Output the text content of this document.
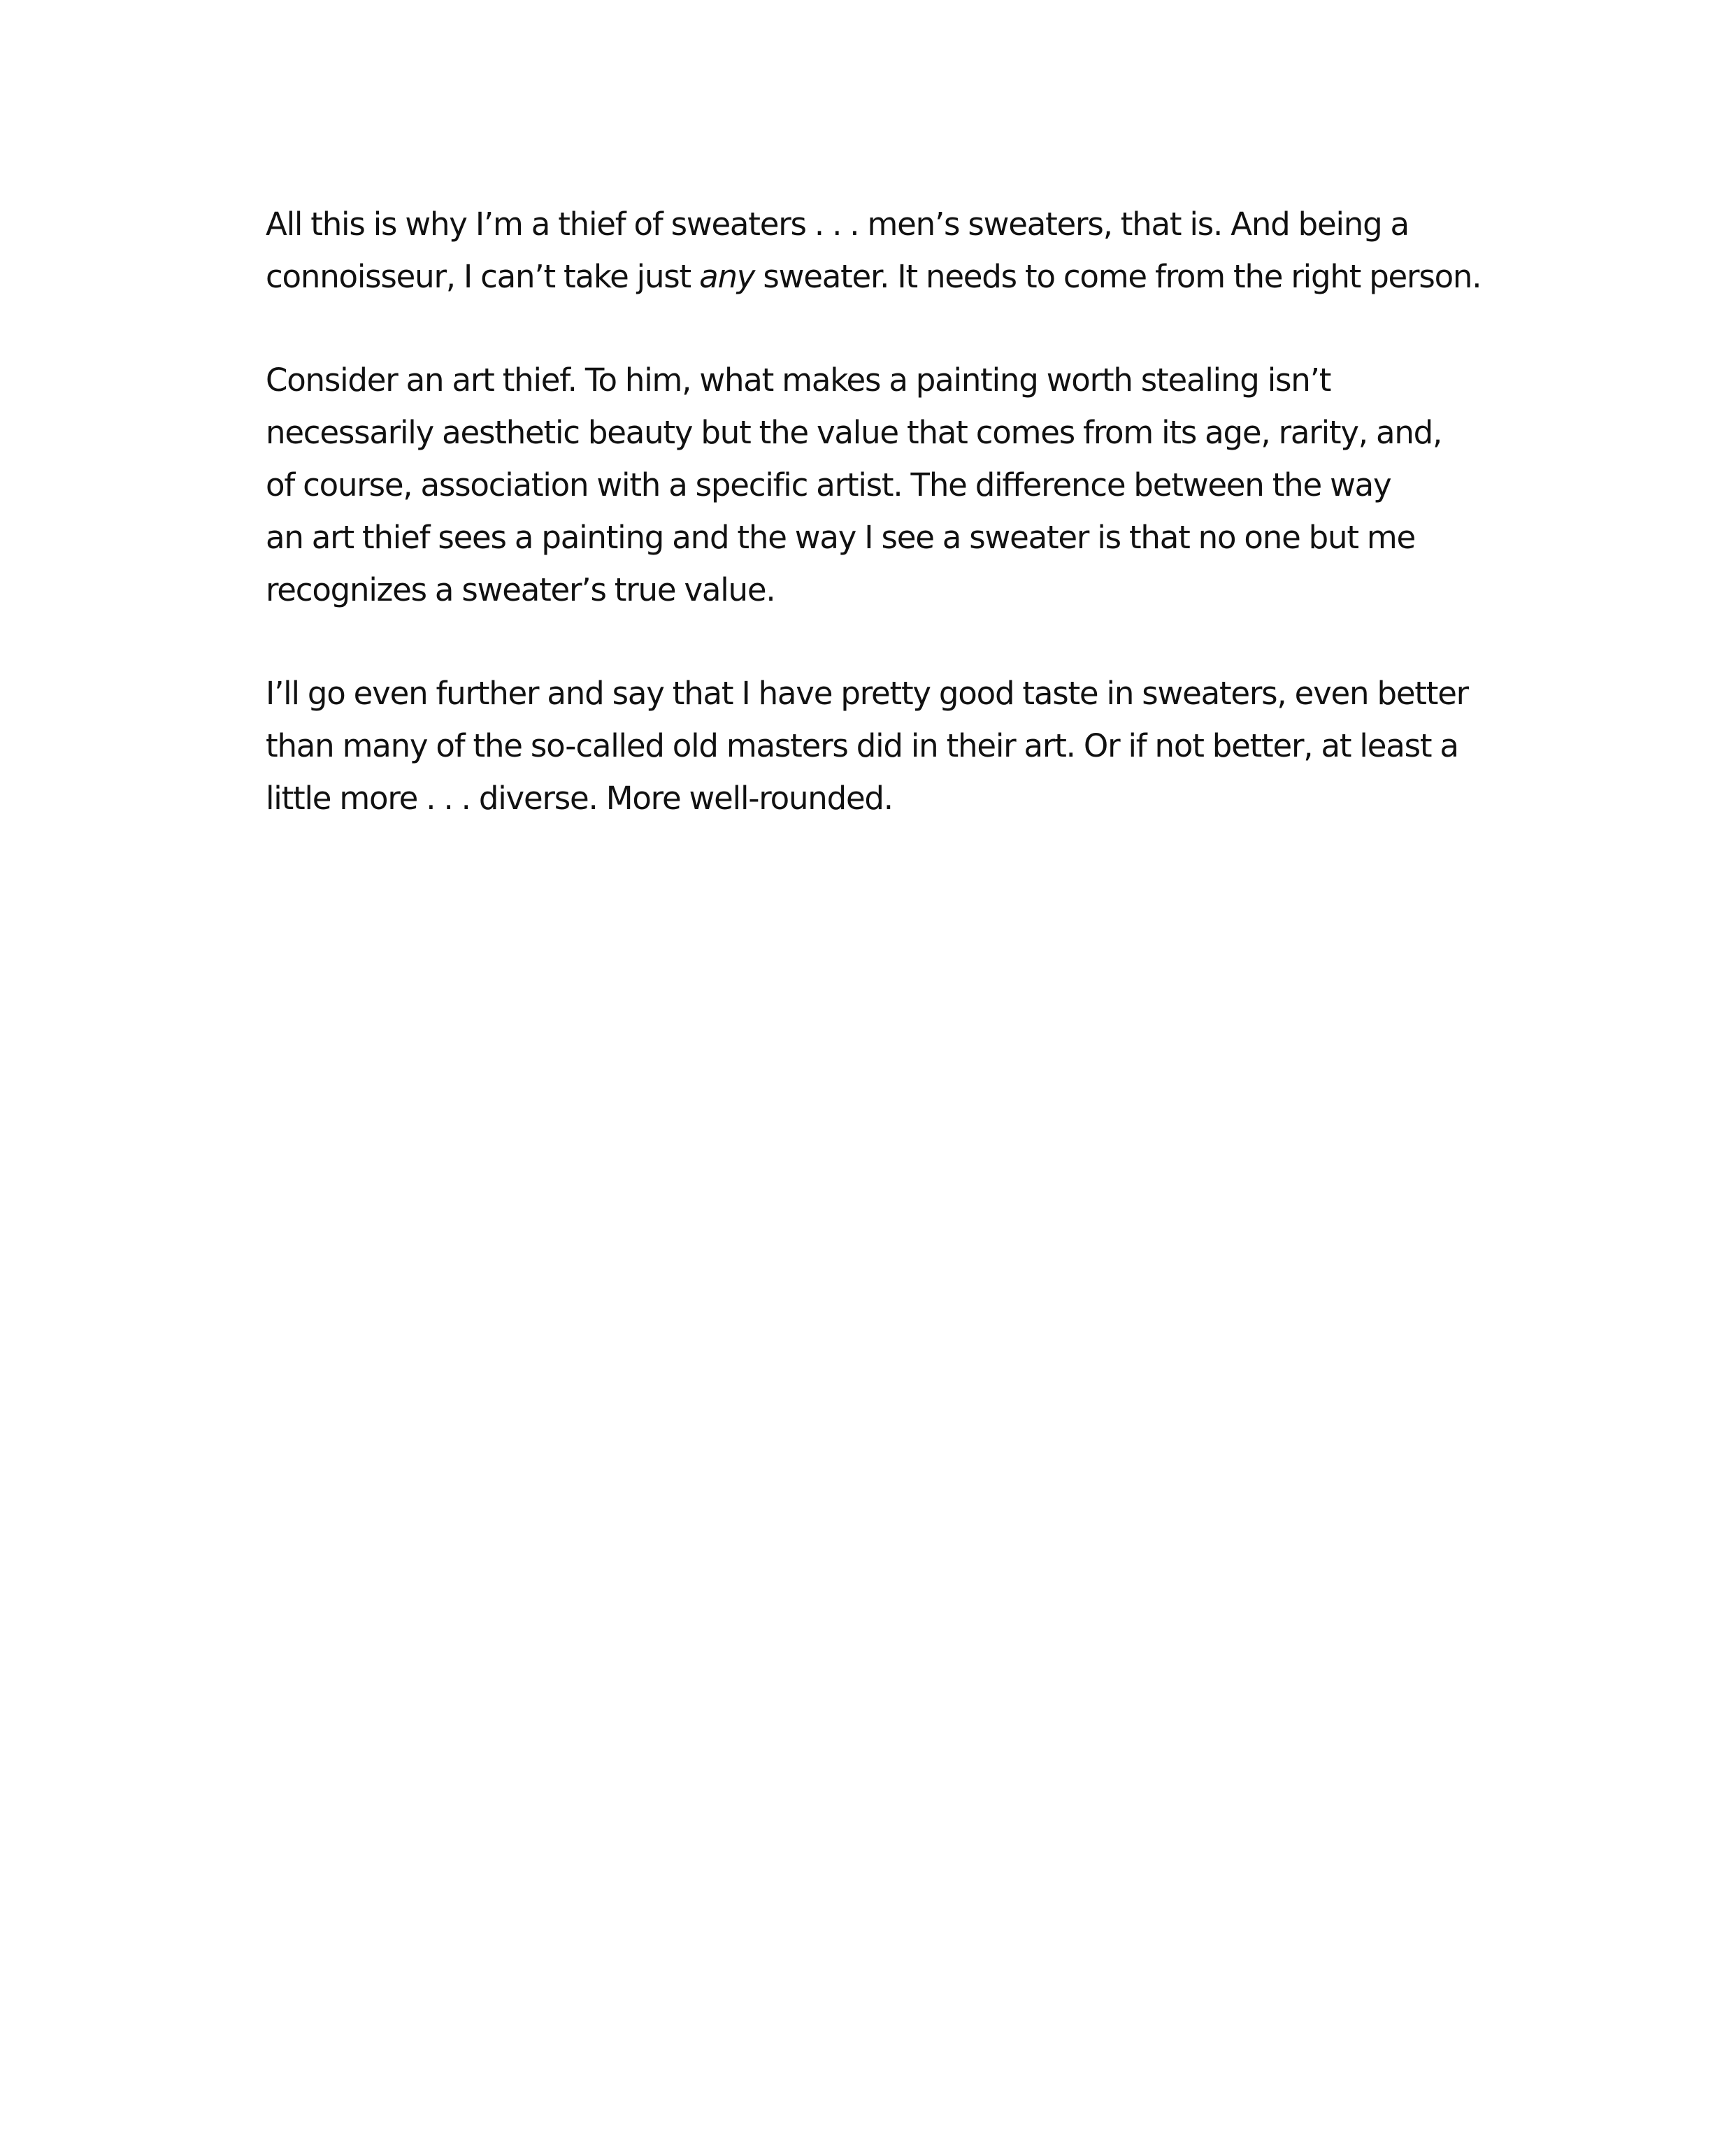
All this is why I’m a thief of sweaters . . . men’s sweaters, that is. And being a
connoisseur, I can’t take just any sweater. It needs to come from the right person.

Consider an art thief. To him, what makes a painting worth stealing isn’t
necessarily aesthetic beauty but the value that comes from its age, rarity, and,
of course, association with a specific artist. The difference between the way
an art thief sees a painting and the way I see a sweater is that no one but me
recognizes a sweater’s true value.

I’ll go even further and say that I have pretty good taste in sweaters, even better
than many of the so-called old masters did in their art. Or if not better, at least a
little more . . . diverse. More well-rounded.
